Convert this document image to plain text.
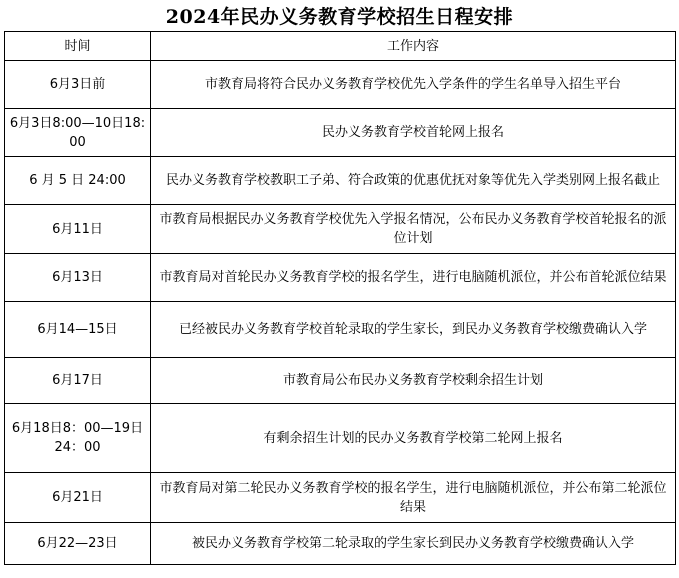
2024年民办义务教育学校招生日程安排
时间	工作内容
6月3日前	市教育局将符合民办义务教育学校优先入学条件的学生名单导入招生平台
6月3日8:00—10日18:00	民办义务教育学校首轮网上报名
6 月 5 日 24:00	民办义务教育学校教职工子弟、符合政策的优惠优抚对象等优先入学类别网上报名截止
6月11日	市教育局根据民办义务教育学校优先入学报名情况，公布民办义务教育学校首轮报名的派位计划
6月13日	市教育局对首轮民办义务教育学校的报名学生，进行电脑随机派位，并公布首轮派位结果
6月14—15日	已经被民办义务教育学校首轮录取的学生家长，到民办义务教育学校缴费确认入学
6月17日	市教育局公布民办义务教育学校剩余招生计划
6月18日8：00—19日24：00	有剩余招生计划的民办义务教育学校第二轮网上报名
6月21日	市教育局对第二轮民办义务教育学校的报名学生，进行电脑随机派位，并公布第二轮派位结果
6月22—23日	被民办义务教育学校第二轮录取的学生家长到民办义务教育学校缴费确认入学
